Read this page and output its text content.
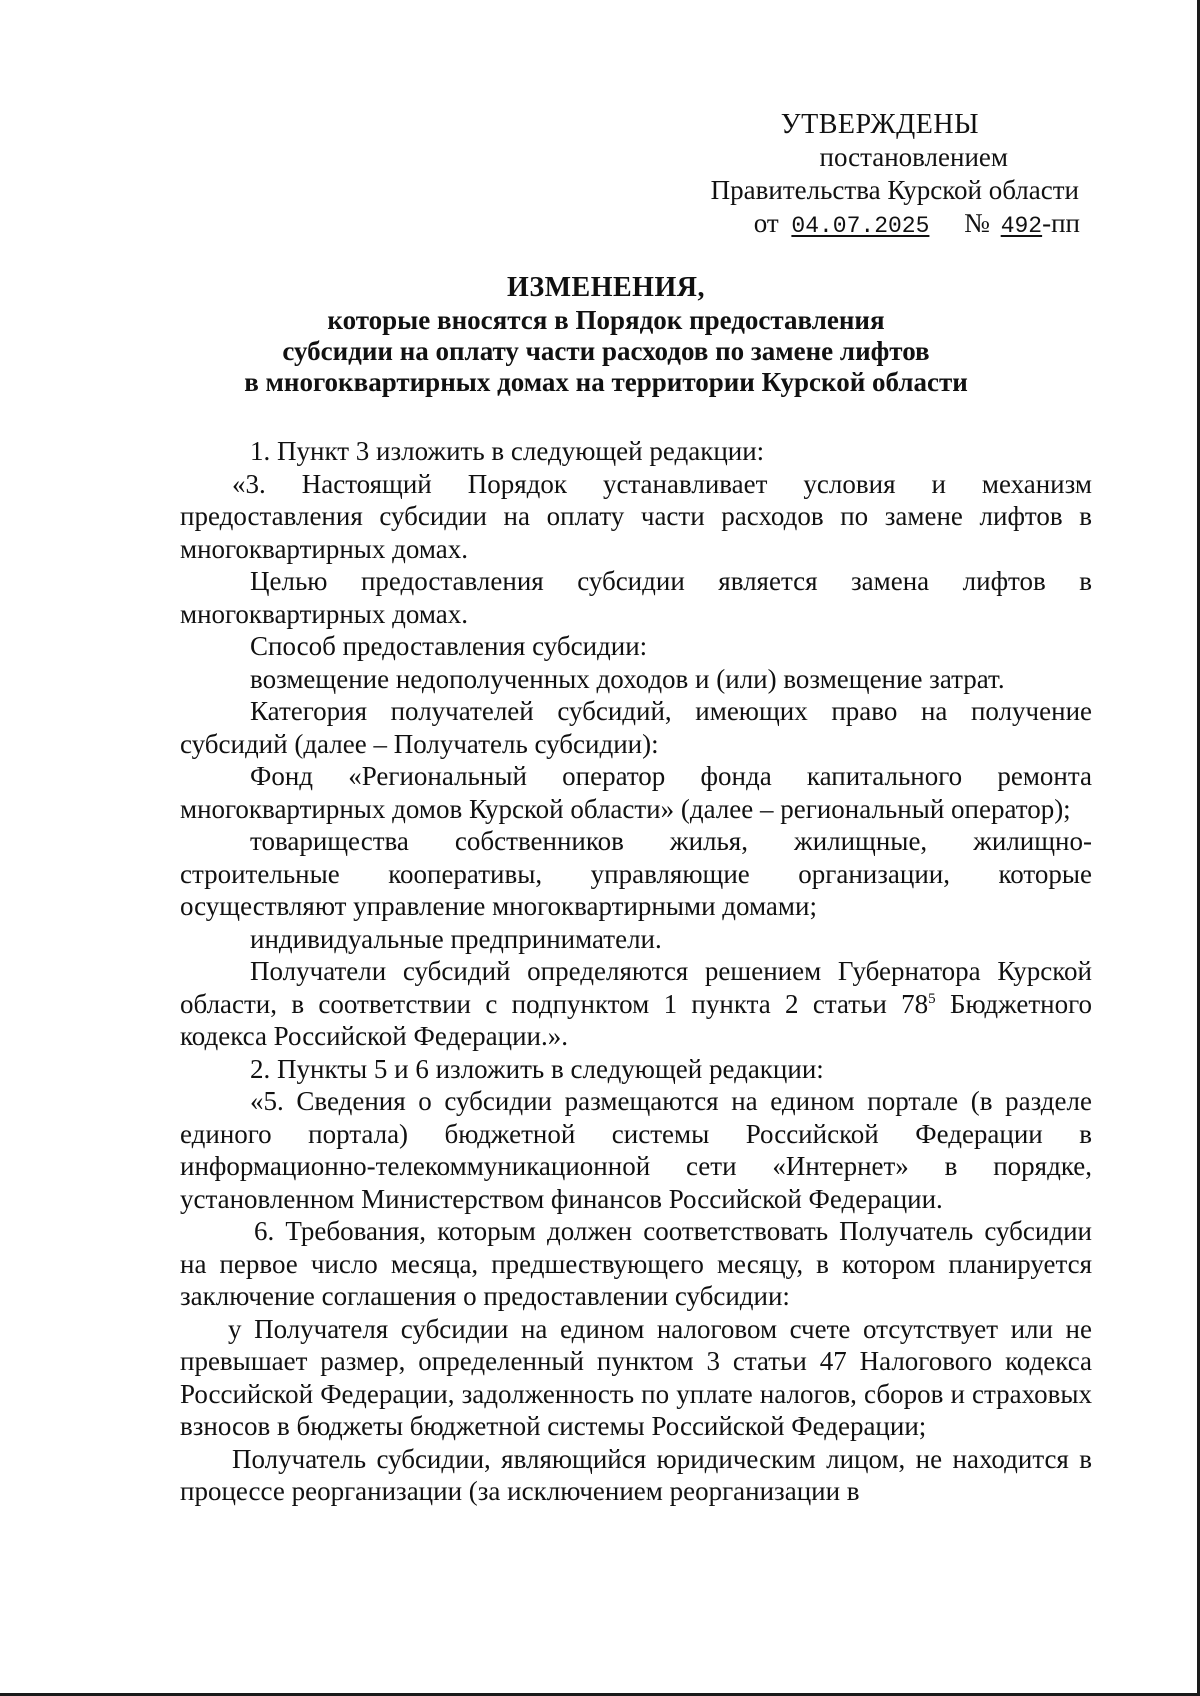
УТВЕРЖДЕНЫ
постановлением
Правительства Курской области
от 04.07.2025 № 492-пп
ИЗМЕНЕНИЯ,
которые вносятся в Порядок предоставления
субсидии на оплату части расходов по замене лифтов
в многоквартирных домах на территории Курской области

1. Пункт 3 изложить в следующей редакции:

«3. Настоящий Порядок устанавливает условия и механизм предоставления субсидии на оплату части расходов по замене лифтов в многоквартирных домах.

Целью предоставления субсидии является замена лифтов в многоквартирных домах.

Способ предоставления субсидии:

возмещение недополученных доходов и (или) возмещение затрат.

Категория получателей субсидий, имеющих право на получение субсидий (далее – Получатель субсидии):

Фонд «Региональный оператор фонда капитального ремонта многоквартирных домов Курской области» (далее – региональный оператор);

товарищества собственников жилья, жилищные, жилищно-строительные кооперативы, управляющие организации, которые осуществляют управление многоквартирными домами;

индивидуальные предприниматели.

Получатели субсидий определяются решением Губернатора Курской области, в соответствии с подпунктом 1 пункта 2 статьи $78^5$ Бюджетного кодекса Российской Федерации.».

2. Пункты 5 и 6 изложить в следующей редакции:

«5. Сведения о субсидии размещаются на едином портале (в разделе единого портала) бюджетной системы Российской Федерации в информационно-телекоммуникационной сети «Интернет» в порядке, установленном Министерством финансов Российской Федерации.

6. Требования, которым должен соответствовать Получатель субсидии на первое число месяца, предшествующего месяцу, в котором планируется заключение соглашения о предоставлении субсидии:

у Получателя субсидии на едином налоговом счете отсутствует или не превышает размер, определенный пунктом 3 статьи 47 Налогового кодекса Российской Федерации, задолженность по уплате налогов, сборов и страховых взносов в бюджеты бюджетной системы Российской Федерации;

Получатель субсидии, являющийся юридическим лицом, не находится в процессе реорганизации (за исключением реорганизации в
